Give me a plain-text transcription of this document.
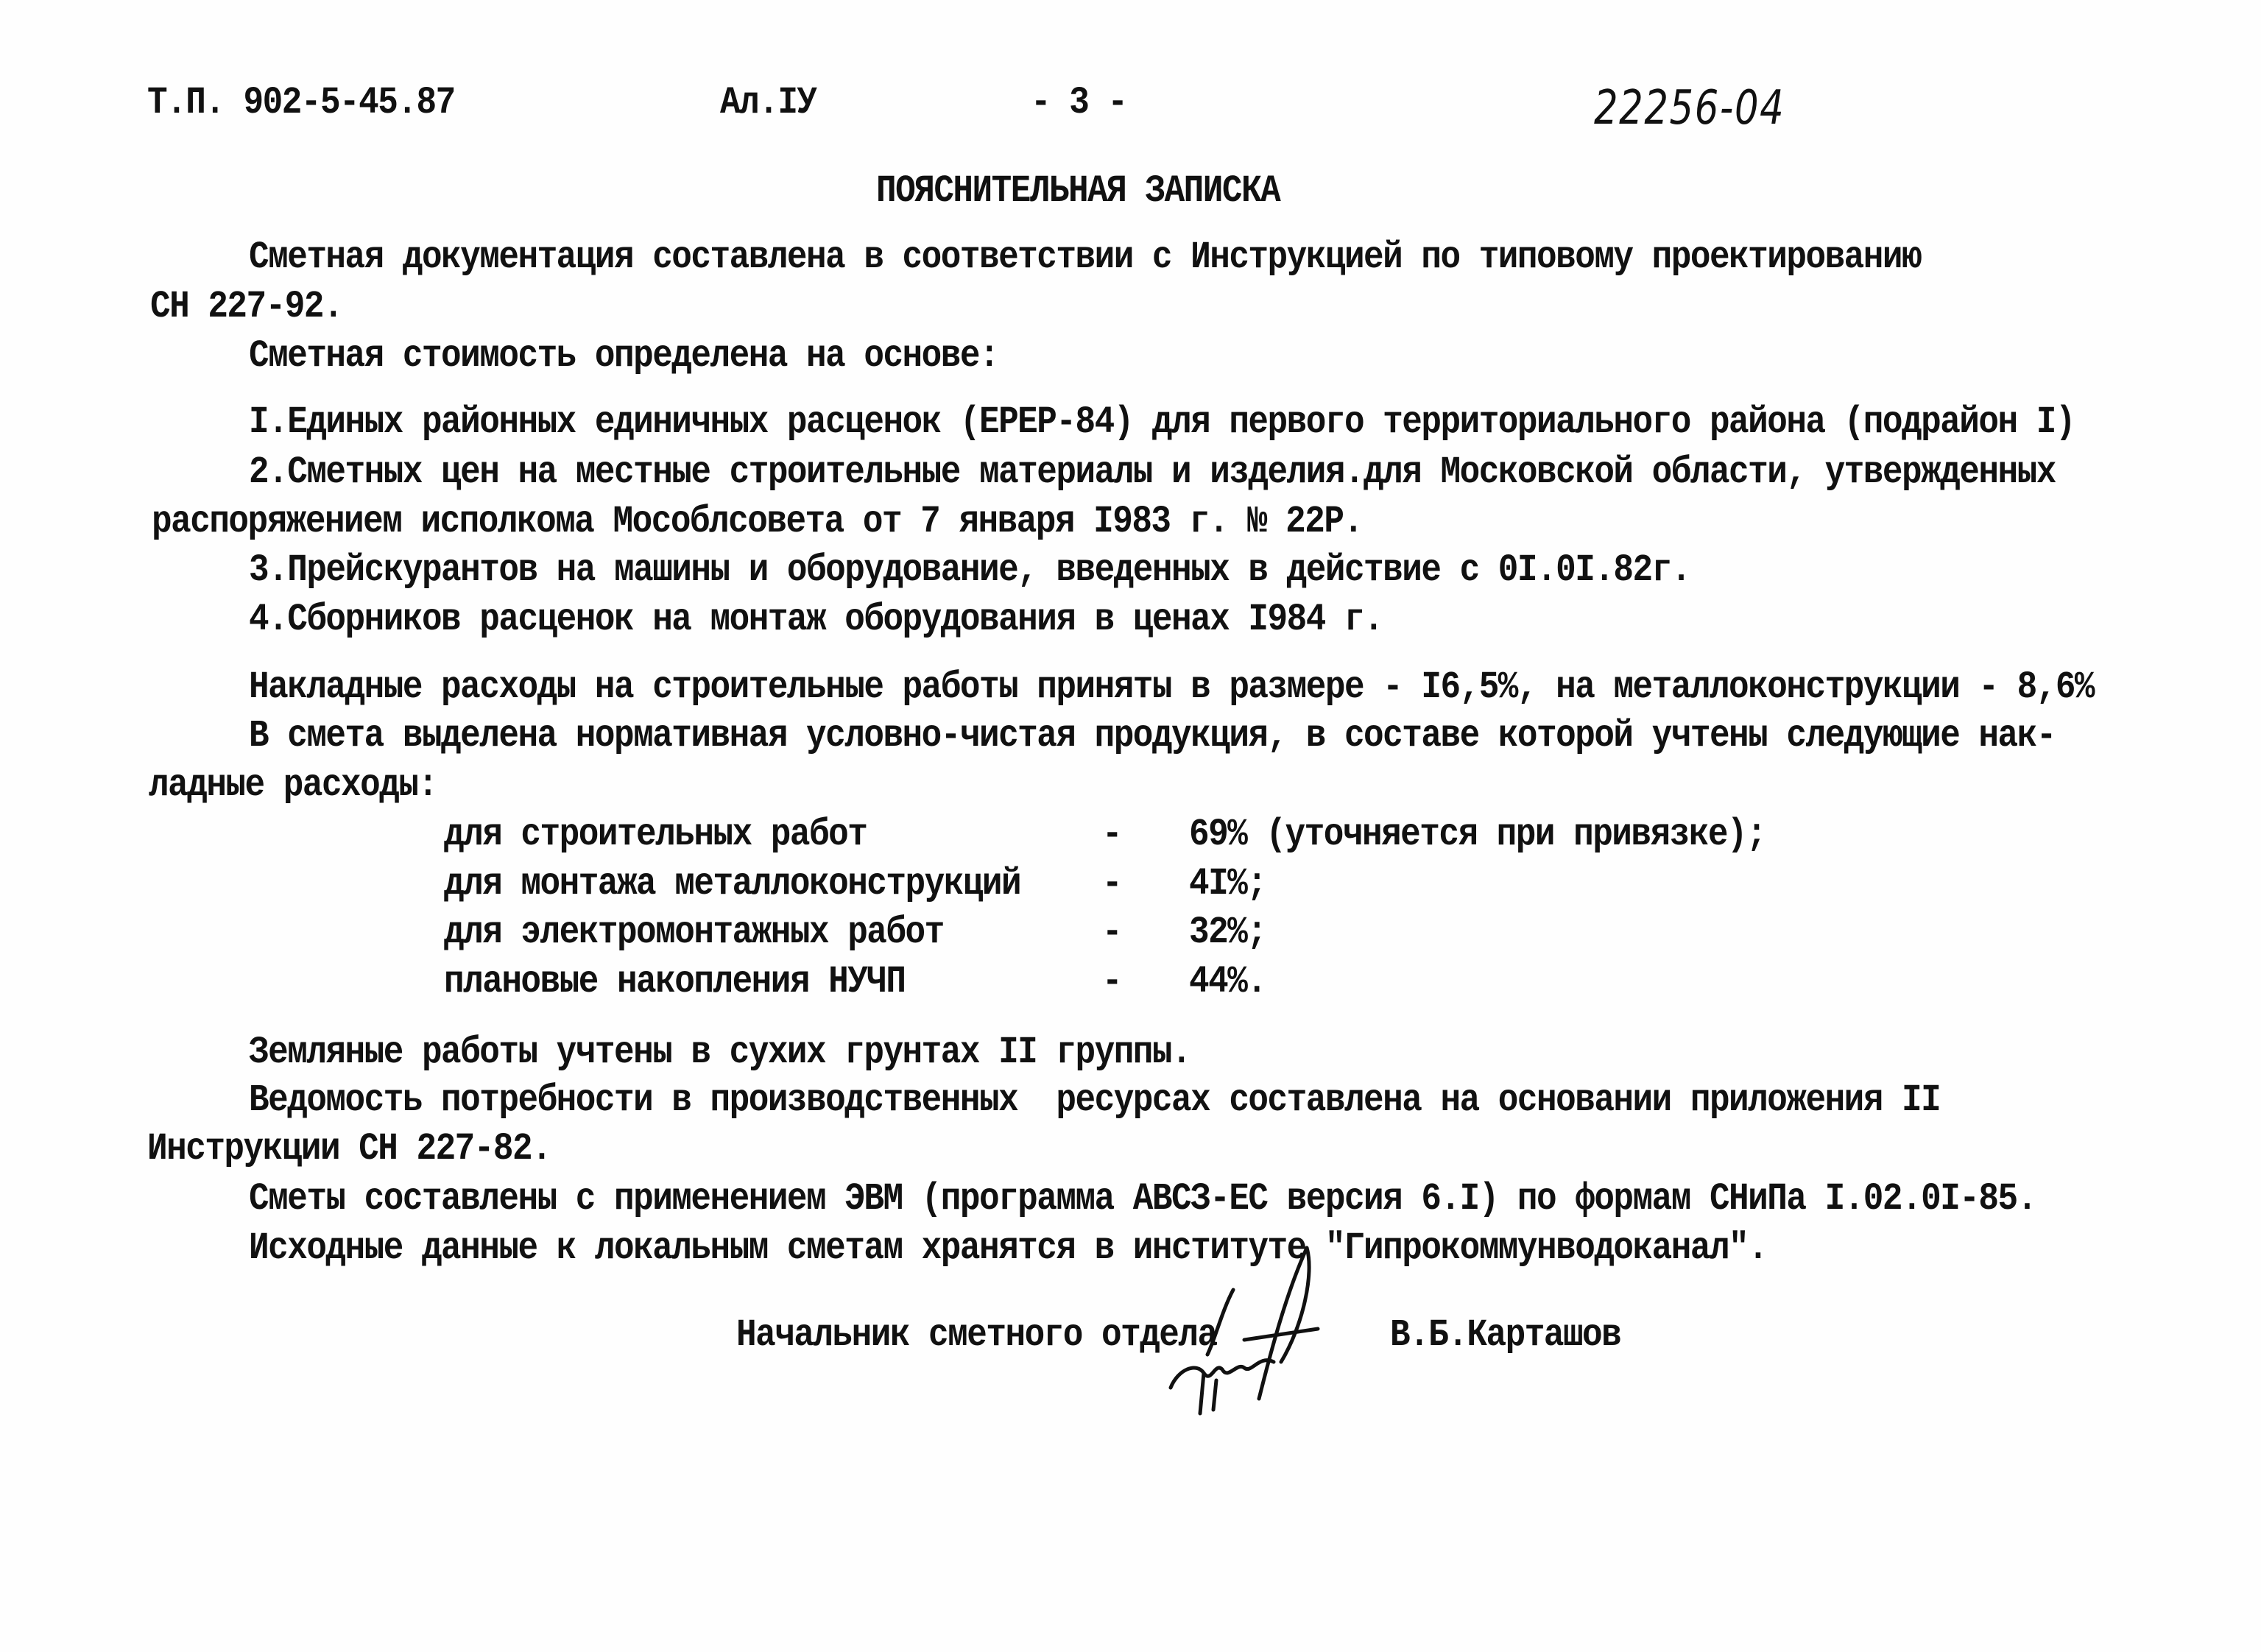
Т.П. 902-5-45.87	Ал.IУ	- 3 -	22256-04
ПОЯСНИТЕЛЬНАЯ ЗАПИСКА
Сметная документация составлена в соответствии с Инструкцией по типовому проектированию
СН 227-92.
Сметная стоимость определена на основе:
I.Единых районных единичных расценок (ЕРЕР-84) для первого территориального района (подрайон I)
2.Сметных цен на местные строительные материалы и изделия.для Московской области, утвержденных
распоряжением исполкома Мособлсовета от 7 января I983 г. № 22Р.
3.Прейскурантов на машины и оборудование, введенных в действие с 0I.0I.82г.
4.Сборников расценок на монтаж оборудования в ценах I984 г.
Накладные расходы на строительные работы приняты в размере - I6,5%, на металлоконструкции - 8,6%
В смета выделена нормативная условно-чистая продукция, в составе которой учтены следующие нак-
ладные расходы:
для строительных работ	- 69% (уточняется при привязке);
для монтажа металлоконструкций - 4I%;
для электромонтажных работ	- 32%;
плановые накопления НУЧП	- 44%.
Земляные работы учтены в сухих грунтах II группы.
Ведомость потребности в производственных  ресурсах составлена на основании приложения II
Инструкции СН 227-82.
Сметы составлены с применением ЭВМ (программа АВСЗ-ЕС версия 6.I) по формам СНиПа I.02.0I-85.
Исходные данные к локальным сметам хранятся в институте "Гипрокоммунводоканал".
Начальник сметного отдела	В.Б.Карташов
